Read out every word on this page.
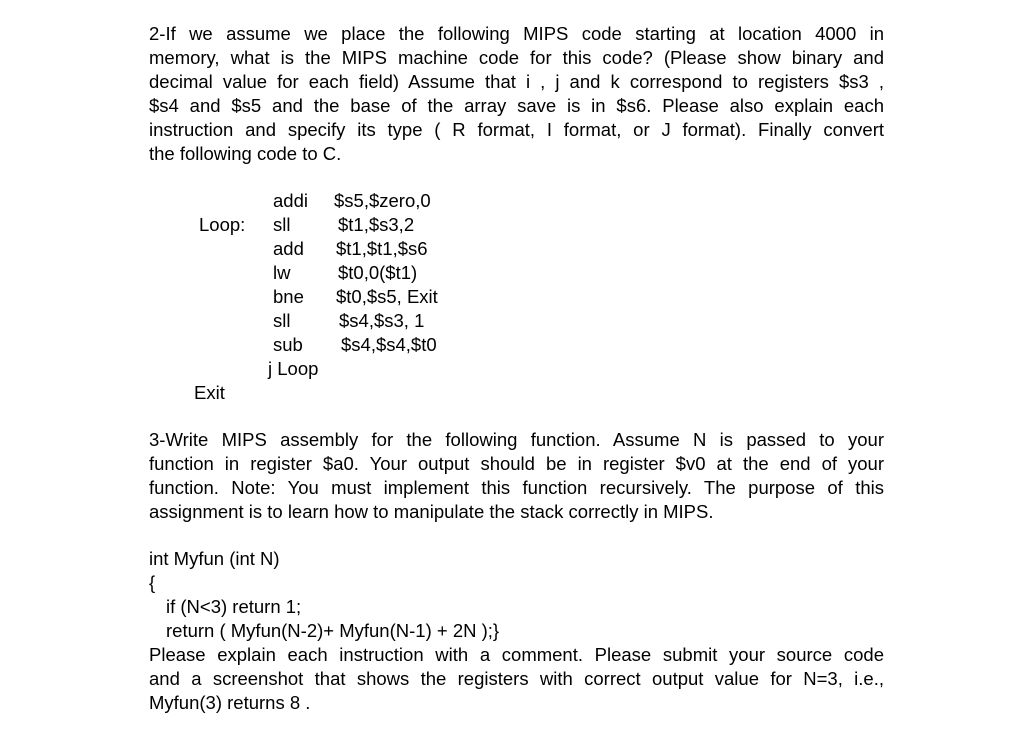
2-If we assume we place the following MIPS code starting at location 4000 in
memory, what is the MIPS machine code for this code? (Please show binary and
decimal value for each field) Assume that i , j and k correspond to registers $s3 ,
$s4 and $s5 and the base of the array save is in $s6. Please also explain each
instruction and specify its type ( R format, I format, or J format). Finally convert
the following code to C.
addi $s5,$zero,0
Loop: sll	$t1,$s3,2
add $t1,$t1,$s6
lw	$t0,0($t1)
bne $t0,$s5, Exit
sll	$s4,$s3, 1
sub $s4,$s4,$t0
j Loop
Exit
3-Write MIPS assembly for the following function. Assume N is passed to your
function in register $a0. Your output should be in register $v0 at the end of your
function. Note: You must implement this function recursively. The purpose of this
assignment is to learn how to manipulate the stack correctly in MIPS.
int Myfun (int N)
{
if (N<3) return 1;
return ( Myfun(N-2)+ Myfun(N-1) + 2N );}
Please explain each instruction with a comment. Please submit your source code
and a screenshot that shows the registers with correct output value for N=3, i.e.,
Myfun(3) returns 8 .
